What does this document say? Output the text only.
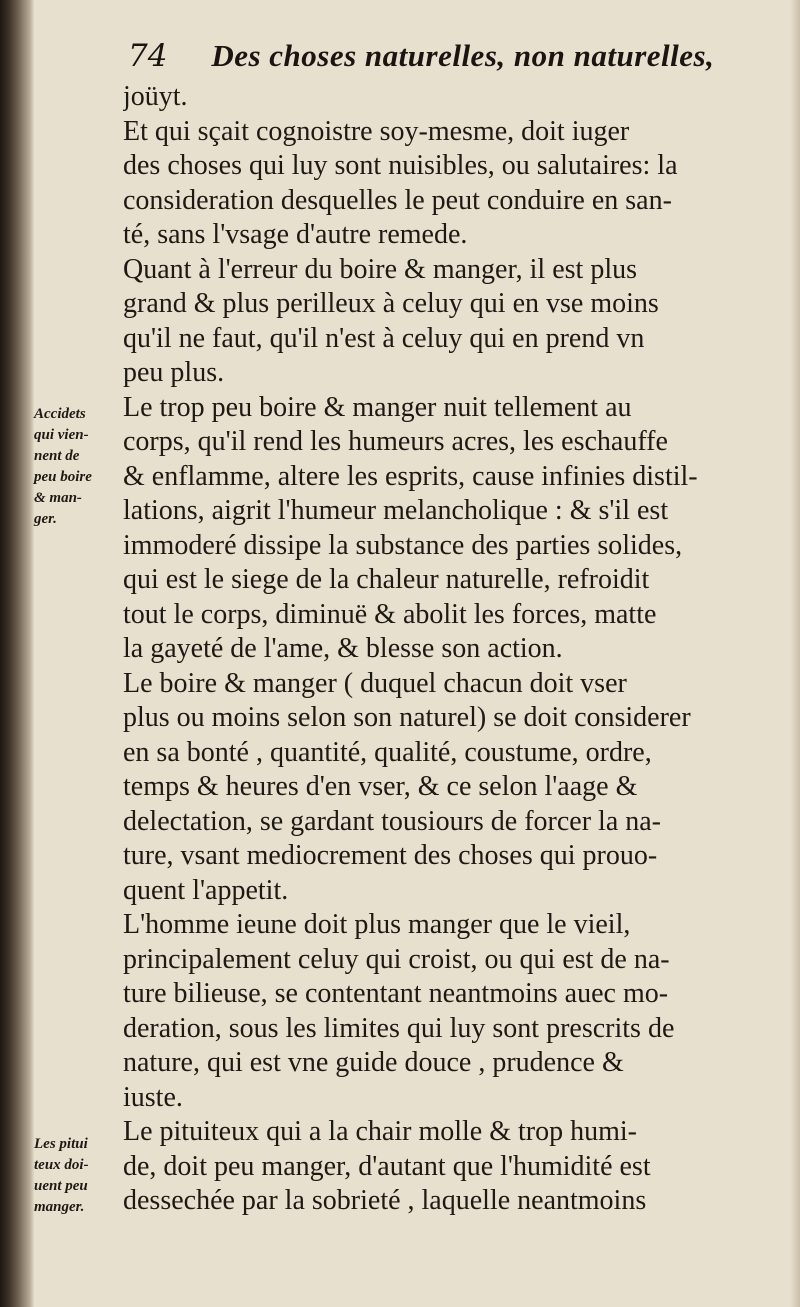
74 Des choses naturelles, non naturelles,
joüyt.
Et qui sçait cognoistre soy-mesme, doit iuger
des choses qui luy sont nuisibles, ou salutaires: la
consideration desquelles le peut conduire en san-
té, sans l'vsage d'autre remede.
Quant à l'erreur du boire & manger, il est plus
grand & plus perilleux à celuy qui en vse moins
qu'il ne faut, qu'il n'est à celuy qui en prend vn
peu plus.
Le trop peu boire & manger nuit tellement au
corps, qu'il rend les humeurs acres, les eschauffe
& enflamme, altere les esprits, cause infinies distil-
lations, aigrit l'humeur melancholique : & s'il est
immoderé dissipe la substance des parties solides,
qui est le siege de la chaleur naturelle, refroidit
tout le corps, diminuë & abolit les forces, matte
la gayeté de l'ame, & blesse son action.
Le boire & manger ( duquel chacun doit vser
plus ou moins selon son naturel) se doit considerer
en sa bonté , quantité, qualité, coustume, ordre,
temps & heures d'en vser, & ce selon l'aage &
delectation, se gardant tousiours de forcer la na-
ture, vsant mediocrement des choses qui prouo-
quent l'appetit.
L'homme ieune doit plus manger que le vieil,
principalement celuy qui croist, ou qui est de na-
ture bilieuse, se contentant neantmoins auec mo-
deration, sous les limites qui luy sont prescrits de
nature, qui est vne guide douce , prudence &
iuste.
Le pituiteux qui a la chair molle & trop humi-
de, doit peu manger, d'autant que l'humidité est
dessechée par la sobrieté , laquelle neantmoins
Accidets
qui vien-
nent de
peu boire
& man-
ger.
Les pitui
teux doi-
uent peu
manger.
